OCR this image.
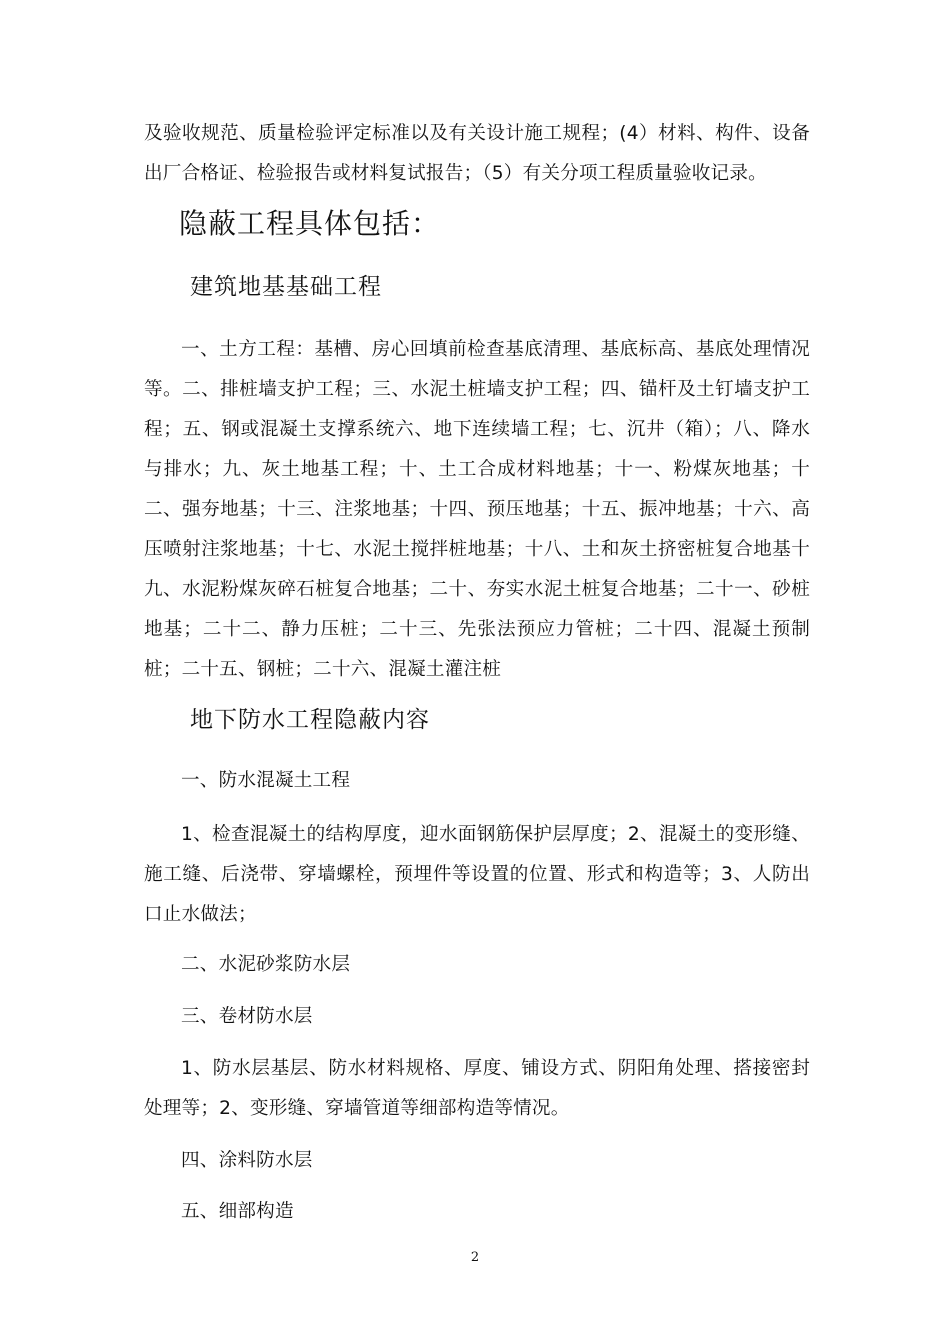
及验收规范、质量检验评定标准以及有关设计施工规程；(4）材料、构件、设备出厂合格证、检验报告或材料复试报告；（5）有关分项工程质量验收记录。
隐蔽工程具体包括：
建筑地基基础工程
一、土方工程：基槽、房心回填前检查基底清理、基底标高、基底处理情况等。二、排桩墙支护工程；三、水泥土桩墙支护工程；四、锚杆及土钉墙支护工程；五、钢或混凝土支撑系统六、地下连续墙工程；七、沉井（箱）；八、降水与排水；九、灰土地基工程；十、土工合成材料地基；十一、粉煤灰地基；十二、强夯地基；十三、注浆地基；十四、预压地基；十五、振冲地基；十六、高压喷射注浆地基；十七、水泥土搅拌桩地基；十八、土和灰土挤密桩复合地基十九、水泥粉煤灰碎石桩复合地基；二十、夯实水泥土桩复合地基；二十一、砂桩地基；二十二、静力压桩；二十三、先张法预应力管桩；二十四、混凝土预制桩；二十五、钢桩；二十六、混凝土灌注桩
地下防水工程隐蔽内容
一、防水混凝土工程
1、检查混凝土的结构厚度，迎水面钢筋保护层厚度；2、混凝土的变形缝、施工缝、后浇带、穿墙螺栓，预埋件等设置的位置、形式和构造等；3、人防出口止水做法；
二、水泥砂浆防水层
三、卷材防水层
1、防水层基层、防水材料规格、厚度、铺设方式、阴阳角处理、搭接密封处理等；2、变形缝、穿墙管道等细部构造等情况。
四、涂料防水层
五、细部构造
2
